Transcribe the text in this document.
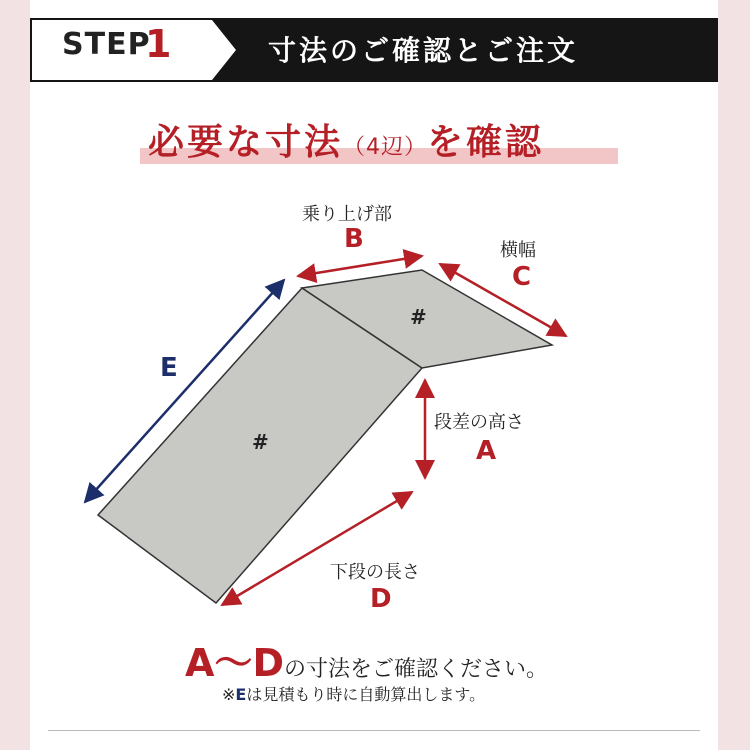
STEP
1	寸法のご確認とご注文
必要な寸法（4辺）を確認
#
#
乗り上げ部
B	横幅
C
段差の高さ
A
下段の長さ
D
E
A〜Dの寸法をご確認ください。
※Eは見積もり時に自動算出します。
